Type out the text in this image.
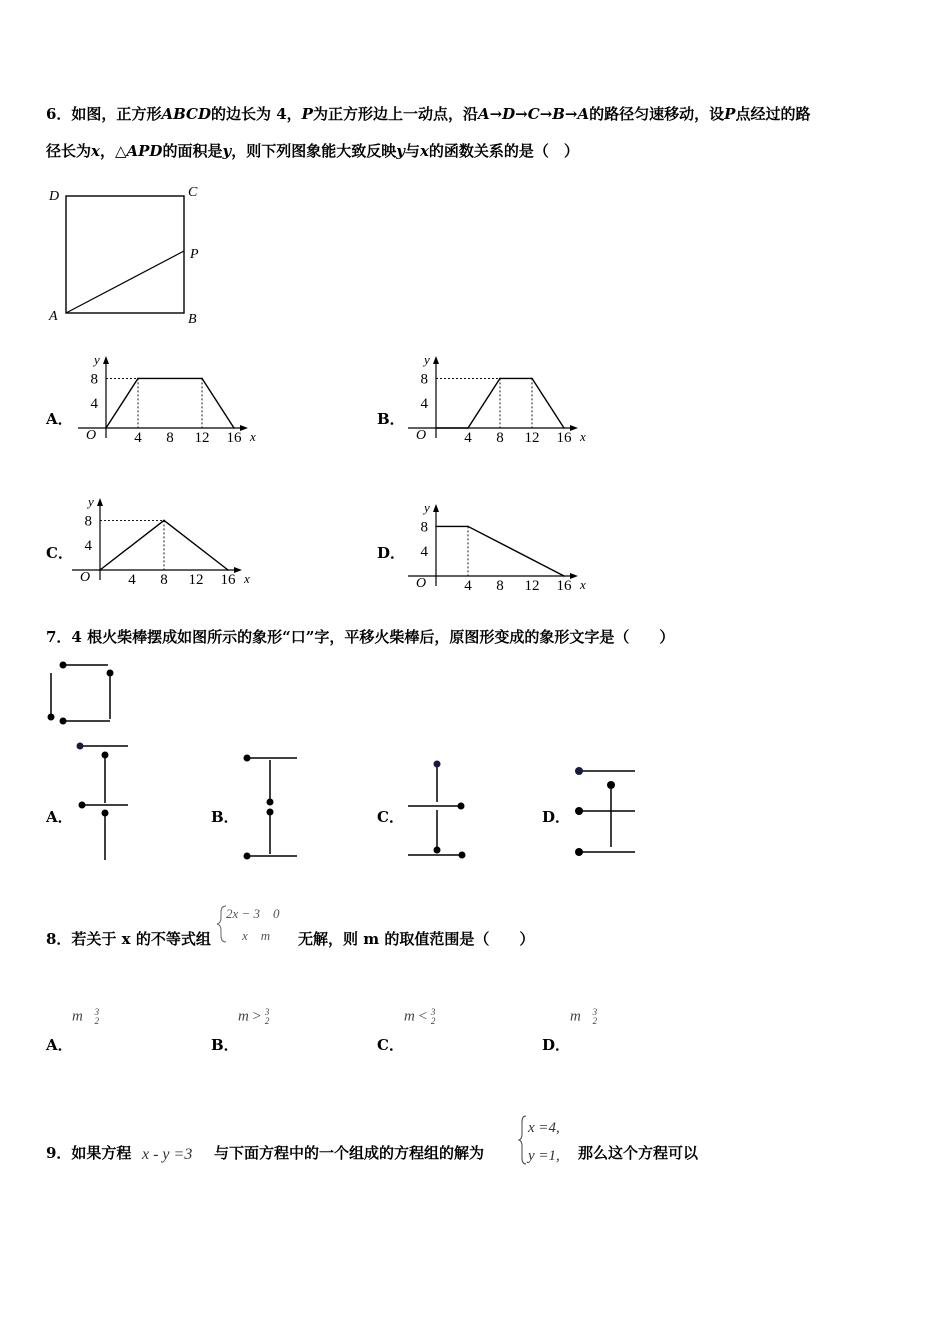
6．如图，正方形ABCD的边长为 4，P为正方形边上一动点，沿A→D→C→B→A的路径匀速移动，设P点经过的路
径长为x，△APD的面积是y，则下列图象能大致反映y与x的函数关系的是（　）
D	C
P
A	B
A．	B．
C．	D．
O	x
y
4 8 12 16
4
8
O	x
y
4 8 12 16
4
8
O	x
y
4 8 12 16
4
8
O	x
y
4 8 12 16
4
8
7．4 根火柴棒摆成如图所示的象形“口”字，平移火柴棒后，原图形变成的象形文字是（　　）
A．	B．	C．	D．
8．若关于 x 的不等式组
2x − 3　0
x　m 无解，则 m 的取值范围是（　　）
m 3
2	m > 3
2	m < 3
2	m 3
2
A．	B．	C．	D．
9．如果方程 x - y =3 与下面方程中的一个组成的方程组的解为
x =4,
y =1, 那么这个方程可以
